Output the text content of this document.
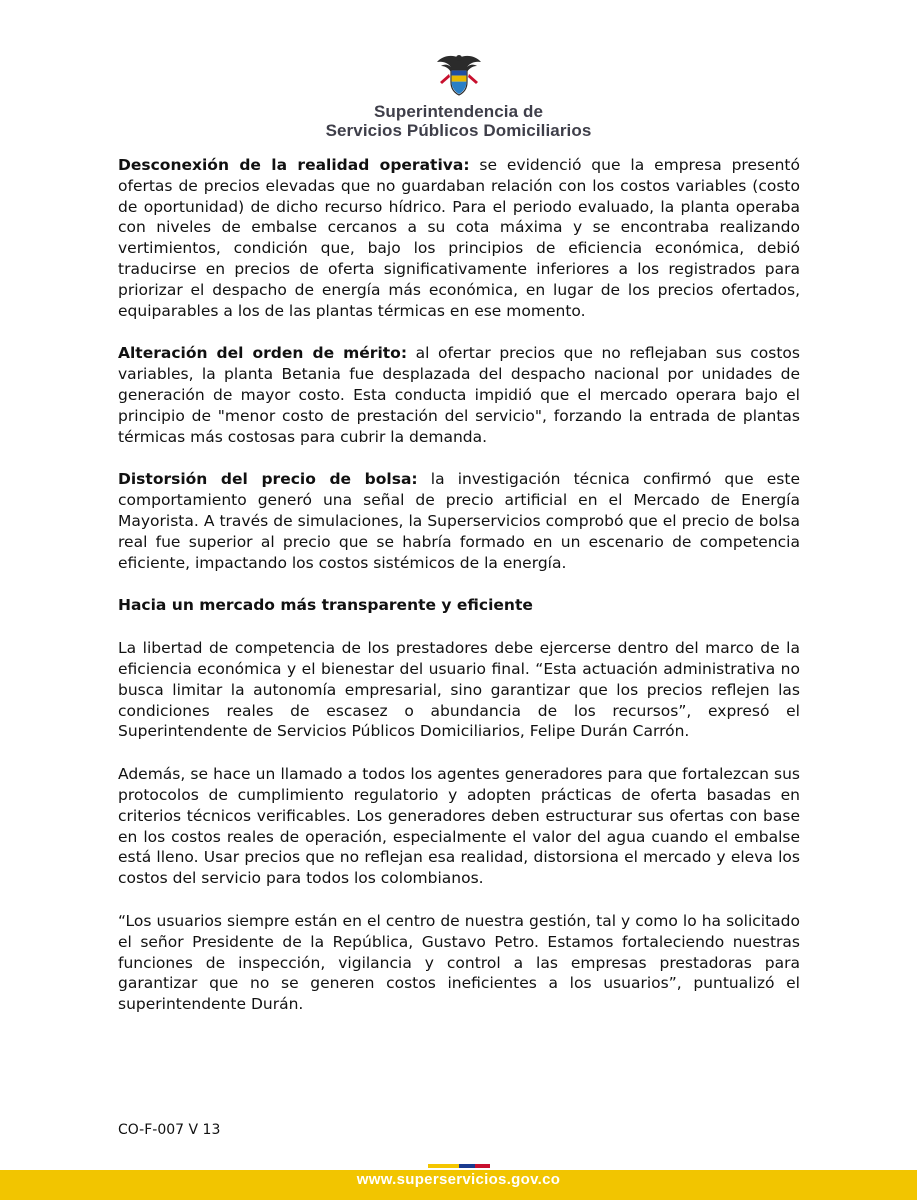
Superintendencia de
Servicios Públicos Domiciliarios

Desconexión de la realidad operativa: se evidenció que la empresa presentó ofertas de precios elevadas que no guardaban relación con los costos variables (costo de oportunidad) de dicho recurso hídrico. Para el periodo evaluado, la planta operaba con niveles de embalse cercanos a su cota máxima y se encontraba realizando vertimientos, condición que, bajo los principios de eficiencia económica, debió traducirse en precios de oferta significativamente inferiores a los registrados para priorizar el despacho de energía más económica, en lugar de los precios ofertados, equiparables a los de las plantas térmicas en ese momento.

Alteración del orden de mérito: al ofertar precios que no reflejaban sus costos variables, la planta Betania fue desplazada del despacho nacional por unidades de generación de mayor costo. Esta conducta impidió que el mercado operara bajo el principio de "menor costo de prestación del servicio", forzando la entrada de plantas térmicas más costosas para cubrir la demanda.

Distorsión del precio de bolsa: la investigación técnica confirmó que este comportamiento generó una señal de precio artificial en el Mercado de Energía Mayorista. A través de simulaciones, la Superservicios comprobó que el precio de bolsa real fue superior al precio que se habría formado en un escenario de competencia eficiente, impactando los costos sistémicos de la energía.

Hacia un mercado más transparente y eficiente

La libertad de competencia de los prestadores debe ejercerse dentro del marco de la eficiencia económica y el bienestar del usuario final. “Esta actuación administrativa no busca limitar la autonomía empresarial, sino garantizar que los precios reflejen las condiciones reales de escasez o abundancia de los recursos”, expresó el Superintendente de Servicios Públicos Domiciliarios, Felipe Durán Carrón.

Además, se hace un llamado a todos los agentes generadores para que fortalezcan sus protocolos de cumplimiento regulatorio y adopten prácticas de oferta basadas en criterios técnicos verificables. Los generadores deben estructurar sus ofertas con base en los costos reales de operación, especialmente el valor del agua cuando el embalse está lleno. Usar precios que no reflejan esa realidad, distorsiona el mercado y eleva los costos del servicio para todos los colombianos.

“Los usuarios siempre están en el centro de nuestra gestión, tal y como lo ha solicitado el señor Presidente de la República, Gustavo Petro. Estamos fortaleciendo nuestras funciones de inspección, vigilancia y control a las empresas prestadoras para garantizar que no se generen costos ineficientes a los usuarios”, puntualizó el superintendente Durán.

CO-F-007 V 13
www.superservicios.gov.co
